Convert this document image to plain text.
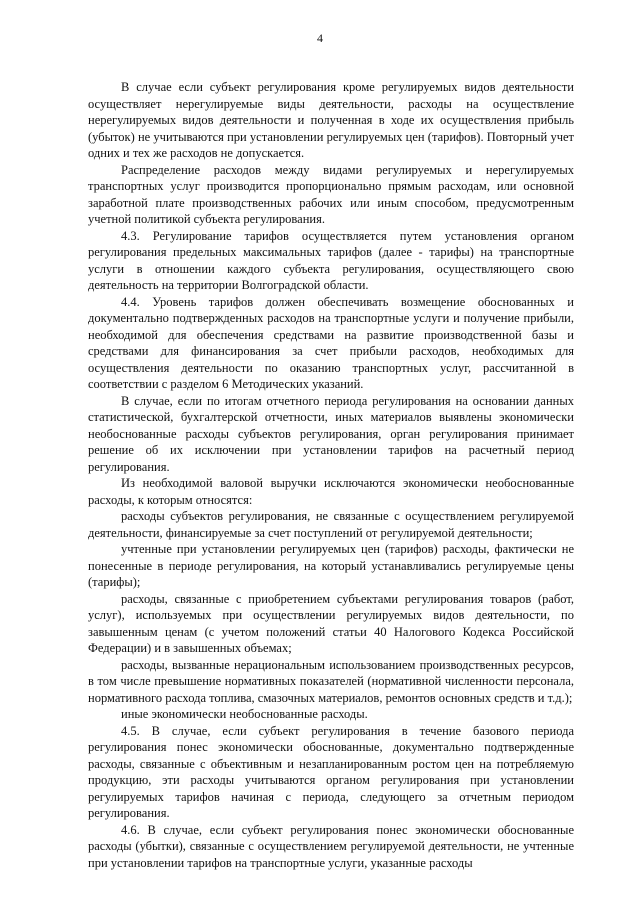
4

В случае если субъект регулирования кроме регулируемых видов деятельности осуществляет нерегулируемые виды деятельности, расходы на осуществление нерегулируемых видов деятельности и полученная в ходе их осуществления прибыль (убыток) не учитываются при установлении регулируемых цен (тарифов). Повторный учет одних и тех же расходов не допускается.

Распределение расходов между видами регулируемых и нерегулируемых транспортных услуг производится пропорционально прямым расходам, или основной заработной плате производственных рабочих или иным способом, предусмотренным учетной политикой субъекта регулирования.

4.3. Регулирование тарифов осуществляется путем установления органом регулирования предельных максимальных тарифов (далее - тарифы) на транспортные услуги в отношении каждого субъекта регулирования, осуществляющего свою деятельность на территории Волгоградской области.

4.4. Уровень тарифов должен обеспечивать возмещение обоснованных и документально подтвержденных расходов на транспортные услуги и получение прибыли, необходимой для обеспечения средствами на развитие производственной базы и средствами для финансирования за счет прибыли расходов, необходимых для осуществления деятельности по оказанию транспортных услуг, рассчитанной в соответствии с разделом 6 Методических указаний.

В случае, если по итогам отчетного периода регулирования на основании данных статистической, бухгалтерской отчетности, иных материалов выявлены экономически необоснованные расходы субъектов регулирования, орган регулирования принимает решение об их исключении при установлении тарифов на расчетный период регулирования.

Из необходимой валовой выручки исключаются экономически необоснованные расходы, к которым относятся:

расходы субъектов регулирования, не связанные с осуществлением регулируемой деятельности, финансируемые за счет поступлений от регулируемой деятельности;

учтенные при установлении регулируемых цен (тарифов) расходы, фактически не понесенные в периоде регулирования, на который устанавливались регулируемые цены (тарифы);

расходы, связанные с приобретением субъектами регулирования товаров (работ, услуг), используемых при осуществлении регулируемых видов деятельности, по завышенным ценам (с учетом положений статьи 40 Налогового Кодекса Российской Федерации) и в завышенных объемах;

расходы, вызванные нерациональным использованием производственных ресурсов, в том числе превышение нормативных показателей (нормативной численности персонала, нормативного расхода топлива, смазочных материалов, ремонтов основных средств и т.д.);

иные экономически необоснованные расходы.

4.5. В случае, если субъект регулирования в течение базового периода регулирования понес экономически обоснованные, документально подтвержденные расходы, связанные с объективным и незапланированным ростом цен на потребляемую продукцию, эти расходы учитываются органом регулирования при установлении регулируемых тарифов начиная с периода, следующего за отчетным периодом регулирования.

4.6. В случае, если субъект регулирования понес экономически обоснованные расходы (убытки), связанные с осуществлением регулируемой деятельности, не учтенные при установлении тарифов на транспортные услуги, указанные расходы
